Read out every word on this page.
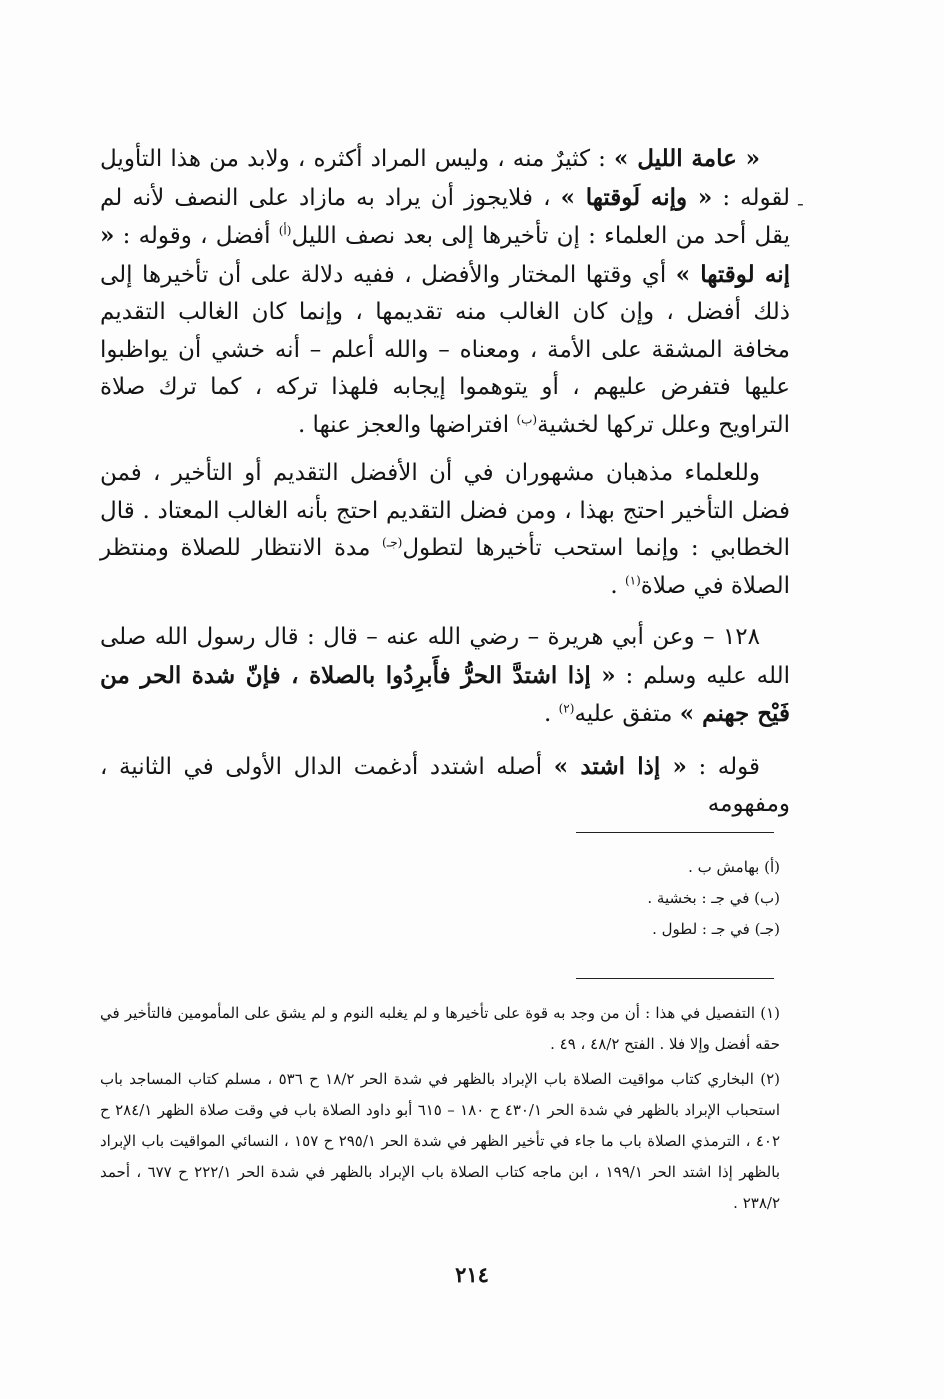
-

« عامة الليل » : كثيرٌ منه ، وليس المراد أكثره ، ولابد من هذا التأويل لقوله : « وإنه لَوقتها » ، فلايجوز أن يراد به مازاد على النصف لأنه لم يقل أحد من العلماء : إن تأخيرها إلى بعد نصف الليل$^{(أ)}$ أفضل ، وقوله : « إنه لوقتها » أي وقتها المختار والأفضل ، ففيه دلالة على أن تأخيرها إلى ذلك أفضل ، وإن كان الغالب منه تقديمها ، وإنما كان الغالب التقديم مخافة المشقة على الأمة ، ومعناه – والله أعلم – أنه خشي أن يواظبوا عليها فتفرض عليهم ، أو يتوهموا إيجابه فلهذا تركه ، كما ترك صلاة التراويح وعلل تركها لخشية$^{(ب)}$ افتراضها والعجز عنها .

وللعلماء مذهبان مشهوران في أن الأفضل التقديم أو التأخير ، فمن فضل التأخير احتج بهذا ، ومن فضل التقديم احتج بأنه الغالب المعتاد . قال الخطابي : وإنما استحب تأخيرها لتطول$^{(جـ)}$ مدة الانتظار للصلاة ومنتظر الصلاة في صلاة$^{(١)}$ .

١٢٨ – وعن أبي هريرة – رضي الله عنه – قال : قال رسول الله صلى الله عليه وسلم : « إذا اشتدَّ الحرُّ فأَبرِدُوا بالصلاة ، فإنّ شدة الحر من فَيْح جهنم » متفق عليه$^{(٢)}$ .

قوله : « إذا اشتد » أصله اشتدد أدغمت الدال الأولى في الثانية ، ومفهومه

(أ) بهامش ب .

(ب) في جـ : بخشية .

(جـ) في جـ : لطول .

(١) التفصيل في هذا : أن من وجد به قوة على تأخيرها و لم يغلبه النوم و لم يشق على المأمومين فالتأخير في حقه أفضل وإلا فلا . الفتح ٤٨/٢ ، ٤٩ .

(٢) البخاري كتاب مواقيت الصلاة باب الإبراد بالظهر في شدة الحر ١٨/٢ ح ٥٣٦ ، مسلم كتاب المساجد باب استحباب الإبراد بالظهر في شدة الحر ٤٣٠/١ ح ١٨٠ – ٦١٥ أبو داود الصلاة باب في وقت صلاة الظهر ٢٨٤/١ ح ٤٠٢ ، الترمذي الصلاة باب ما جاء في تأخير الظهر في شدة الحر ٢٩٥/١ ح ١٥٧ ، النسائي المواقيت باب الإبراد بالظهر إذا اشتد الحر ١٩٩/١ ، ابن ماجه كتاب الصلاة باب الإبراد بالظهر في شدة الحر ٢٢٢/١ ح ٦٧٧ ، أحمد ٢٣٨/٢ .

٢١٤
